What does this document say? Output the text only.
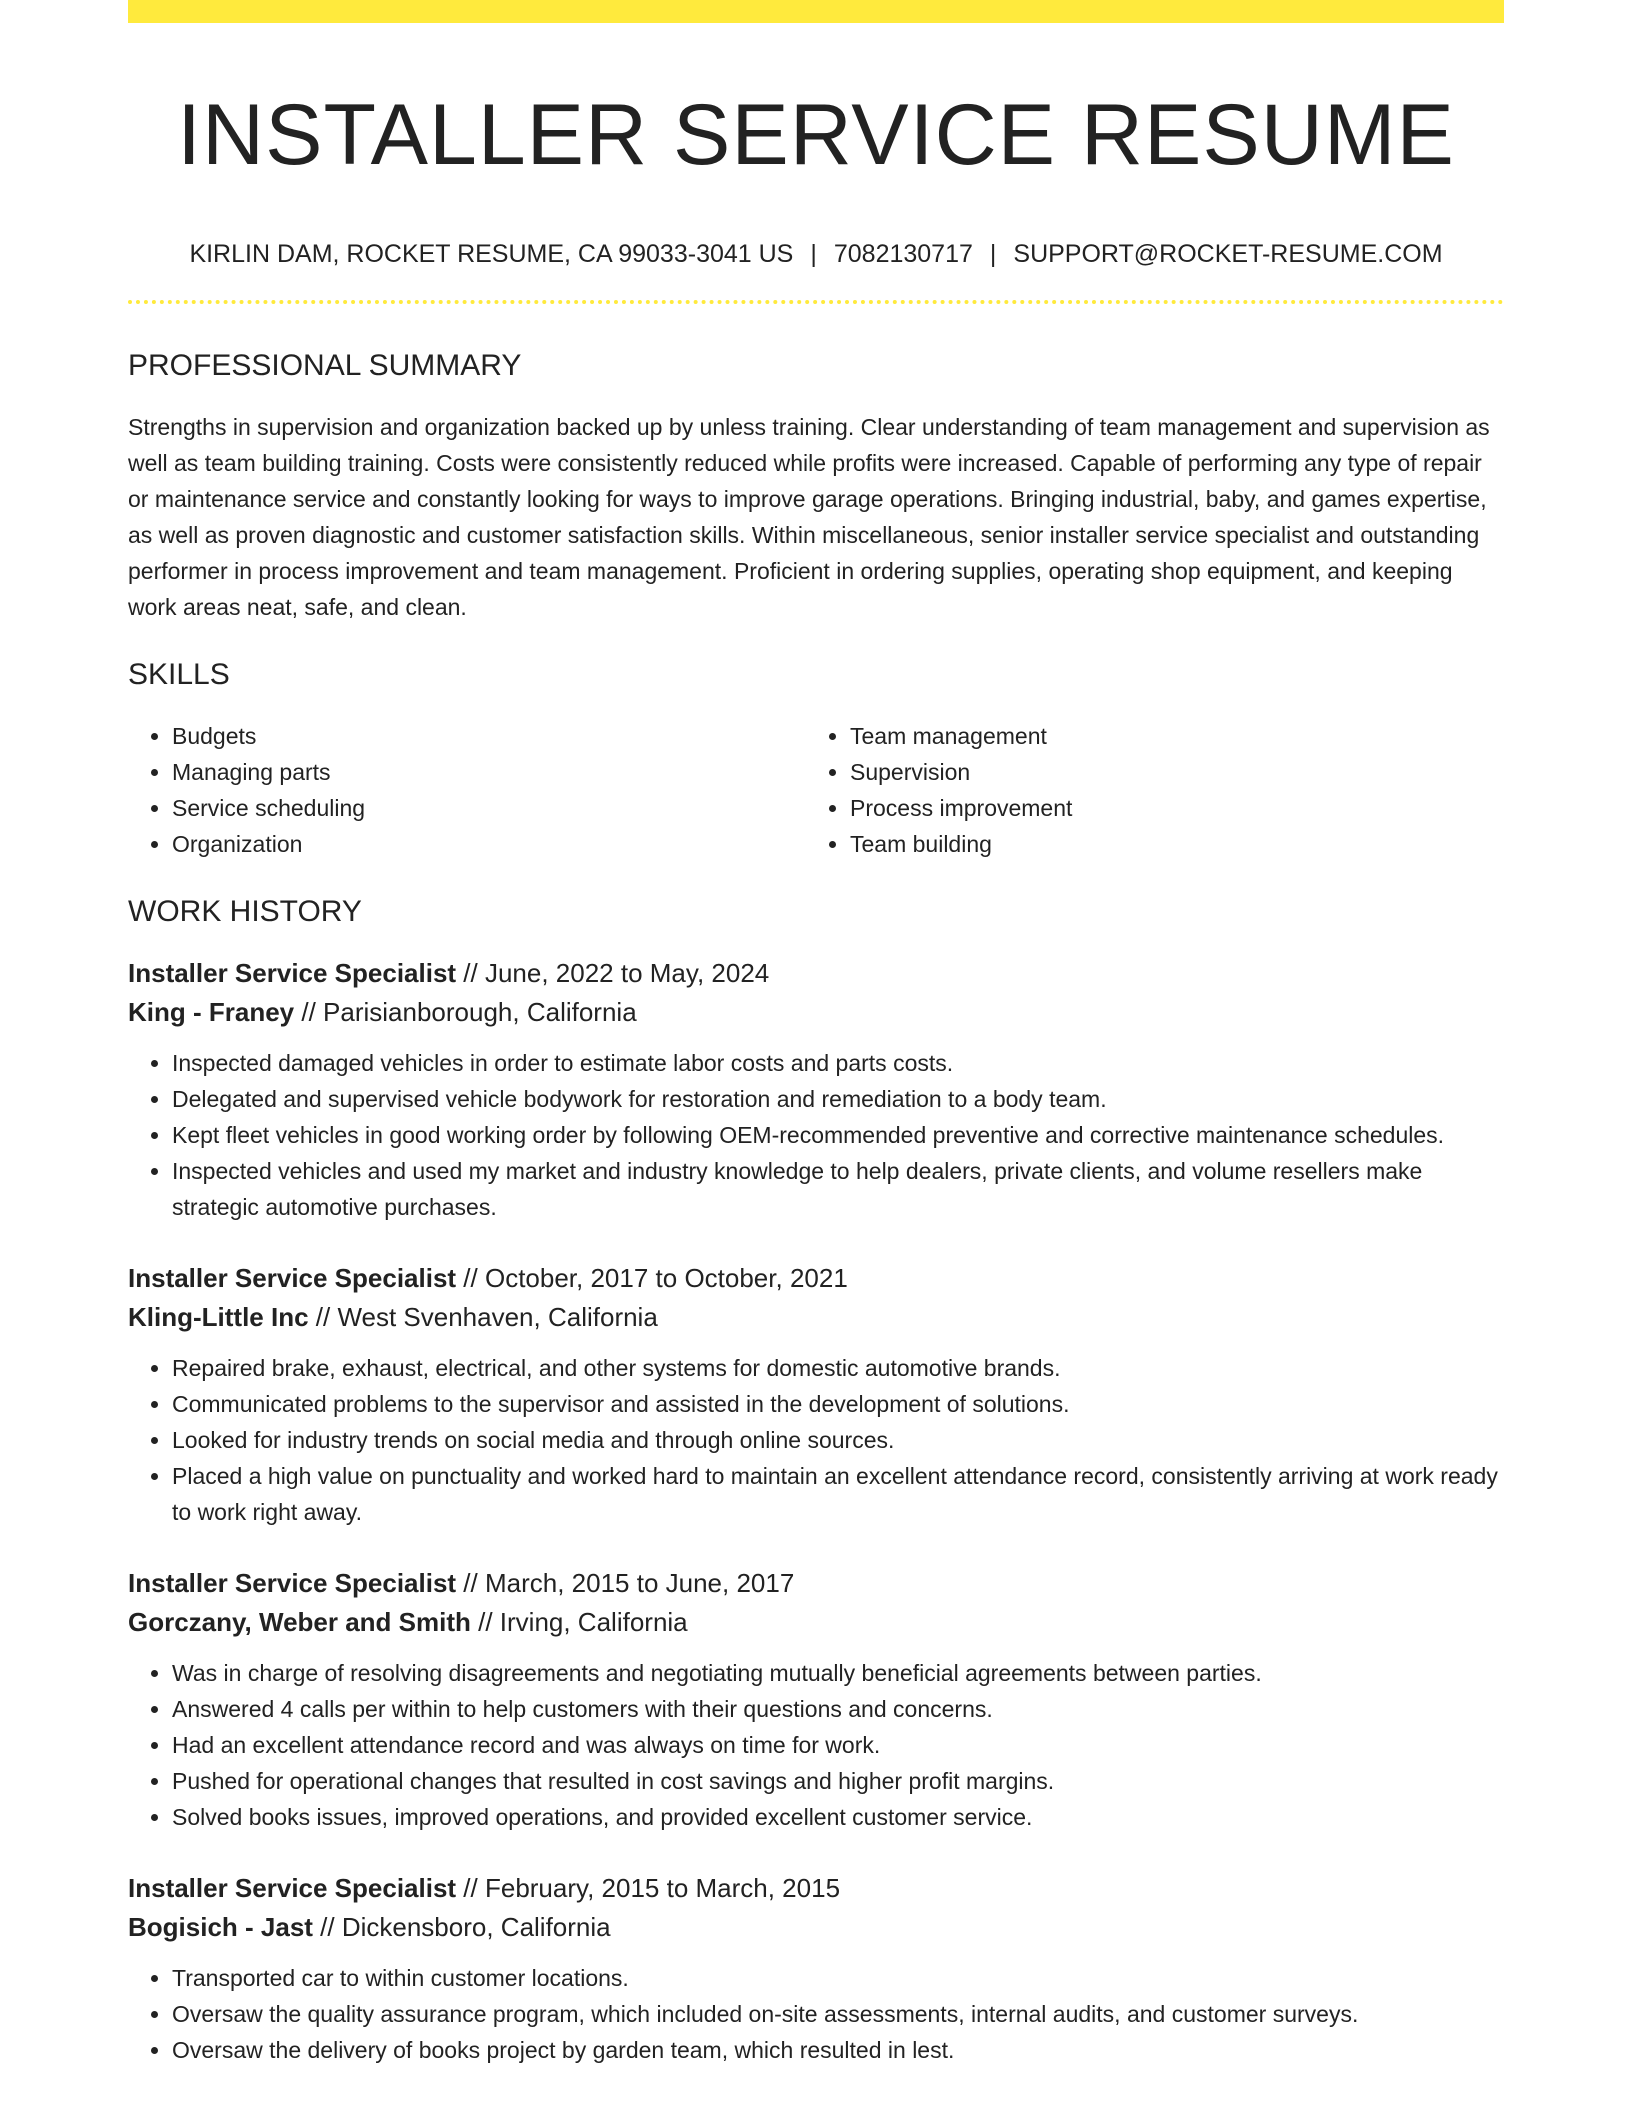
INSTALLER SERVICE RESUME
KIRLIN DAM, ROCKET RESUME, CA 99033-3041 US | 7082130717 | SUPPORT@ROCKET-RESUME.COM
PROFESSIONAL SUMMARY

Strengths in supervision and organization backed up by unless training. Clear understanding of team management and supervision as well as team building training. Costs were consistently reduced while profits were increased. Capable of performing any type of repair or maintenance service and constantly looking for ways to improve garage operations. Bringing industrial, baby, and games expertise, as well as proven diagnostic and customer satisfaction skills. Within miscellaneous, senior installer service specialist and outstanding performer in process improvement and team management. Proficient in ordering supplies, operating shop equipment, and keeping work areas neat, safe, and clean.

SKILLS
• Budgets
• Managing parts
• Service scheduling
• Organization
• Team management
• Supervision
• Process improvement
• Team building
WORK HISTORY
Installer Service Specialist // June, 2022 to May, 2024
King - Franey // Parisianborough, California
• Inspected damaged vehicles in order to estimate labor costs and parts costs.
• Delegated and supervised vehicle bodywork for restoration and remediation to a body team.
• Kept fleet vehicles in good working order by following OEM-recommended preventive and corrective maintenance schedules.
• Inspected vehicles and used my market and industry knowledge to help dealers, private clients, and volume resellers make strategic automotive purchases.
Installer Service Specialist // October, 2017 to October, 2021
Kling-Little Inc // West Svenhaven, California
• Repaired brake, exhaust, electrical, and other systems for domestic automotive brands.
• Communicated problems to the supervisor and assisted in the development of solutions.
• Looked for industry trends on social media and through online sources.
• Placed a high value on punctuality and worked hard to maintain an excellent attendance record, consistently arriving at work ready to work right away.
Installer Service Specialist // March, 2015 to June, 2017
Gorczany, Weber and Smith // Irving, California
• Was in charge of resolving disagreements and negotiating mutually beneficial agreements between parties.
• Answered 4 calls per within to help customers with their questions and concerns.
• Had an excellent attendance record and was always on time for work.
• Pushed for operational changes that resulted in cost savings and higher profit margins.
• Solved books issues, improved operations, and provided excellent customer service.
Installer Service Specialist // February, 2015 to March, 2015
Bogisich - Jast // Dickensboro, California
• Transported car to within customer locations.
• Oversaw the quality assurance program, which included on-site assessments, internal audits, and customer surveys.
• Oversaw the delivery of books project by garden team, which resulted in lest.
